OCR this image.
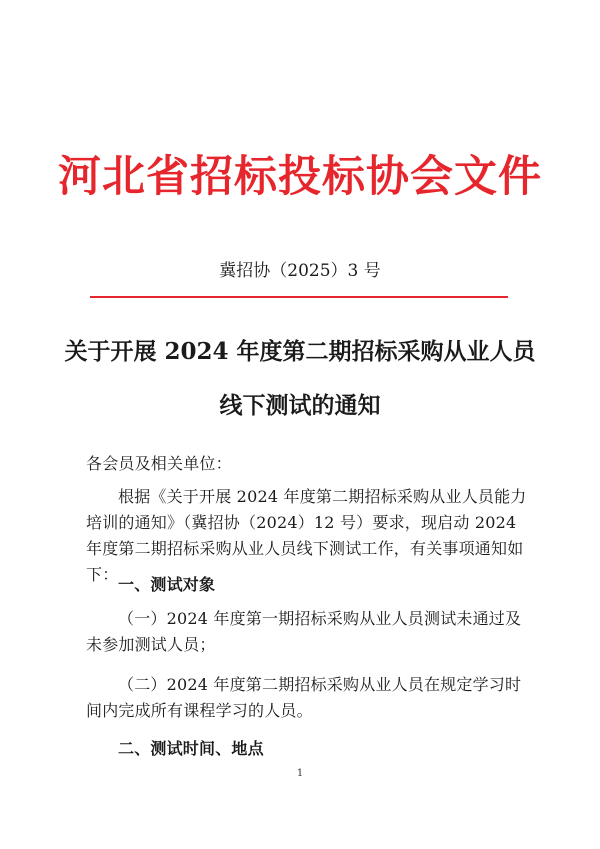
河北省招标投标协会文件
冀招协（2025）3 号
关于开展 2024 年度第二期招标采购从业人员
线下测试的通知
各会员及相关单位：
根据《关于开展 2024 年度第二期招标采购从业人员能力培训的通知》（冀招协（2024）12 号）要求，现启动 2024 年度第二期招标采购从业人员线下测试工作，有关事项通知如下：
一、测试对象
（一）2024 年度第一期招标采购从业人员测试未通过及未参加测试人员；
（二）2024 年度第二期招标采购从业人员在规定学习时间内完成所有课程学习的人员。
二、测试时间、地点
1
